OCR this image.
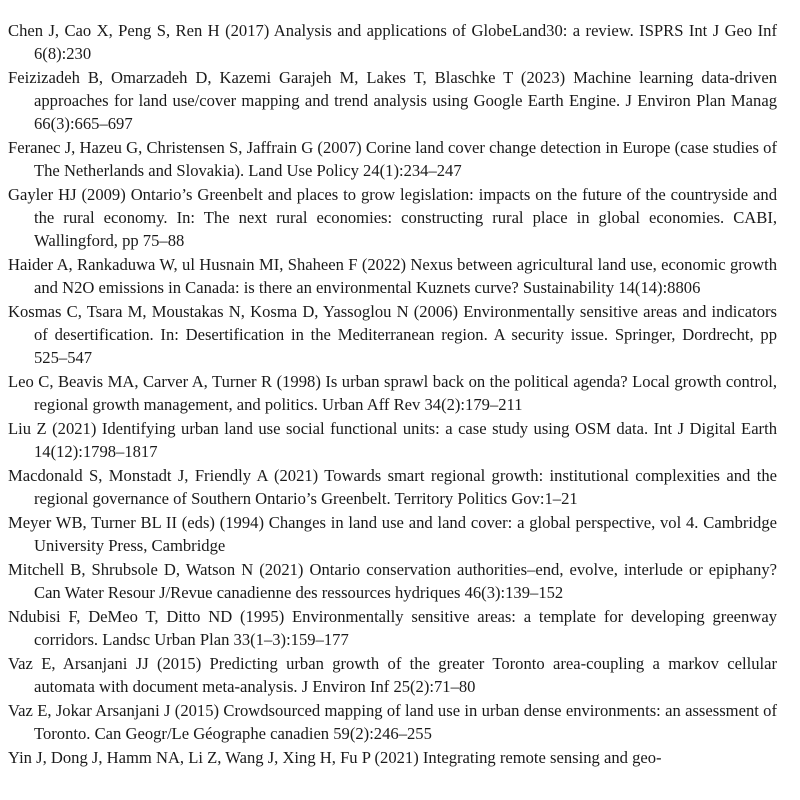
Chen J, Cao X, Peng S, Ren H (2017) Analysis and applications of GlobeLand30: a review. ISPRS Int J Geo Inf 6(8):230

Feizizadeh B, Omarzadeh D, Kazemi Garajeh M, Lakes T, Blaschke T (2023) Machine learning data-driven approaches for land use/cover mapping and trend analysis using Google Earth Engine. J Environ Plan Manag 66(3):665–697

Feranec J, Hazeu G, Christensen S, Jaffrain G (2007) Corine land cover change detection in Europe (case studies of The Netherlands and Slovakia). Land Use Policy 24(1):234–247

Gayler HJ (2009) Ontario’s Greenbelt and places to grow legislation: impacts on the future of the countryside and the rural economy. In: The next rural economies: constructing rural place in global economies. CABI, Wallingford, pp 75–88

Haider A, Rankaduwa W, ul Husnain MI, Shaheen F (2022) Nexus between agricultural land use, economic growth and N2O emissions in Canada: is there an environmental Kuznets curve? Sustainability 14(14):8806

Kosmas C, Tsara M, Moustakas N, Kosma D, Yassoglou N (2006) Environmentally sensitive areas and indicators of desertification. In: Desertification in the Mediterranean region. A security issue. Springer, Dordrecht, pp 525–547

Leo C, Beavis MA, Carver A, Turner R (1998) Is urban sprawl back on the political agenda? Local growth control, regional growth management, and politics. Urban Aff Rev 34(2):179–211

Liu Z (2021) Identifying urban land use social functional units: a case study using OSM data. Int J Digital Earth 14(12):1798–1817

Macdonald S, Monstadt J, Friendly A (2021) Towards smart regional growth: institutional complexities and the regional governance of Southern Ontario’s Greenbelt. Territory Politics Gov:1–21

Meyer WB, Turner BL II (eds) (1994) Changes in land use and land cover: a global perspective, vol 4. Cambridge University Press, Cambridge

Mitchell B, Shrubsole D, Watson N (2021) Ontario conservation authorities–end, evolve, interlude or epiphany? Can Water Resour J/Revue canadienne des ressources hydriques 46(3):139–152

Ndubisi F, DeMeo T, Ditto ND (1995) Environmentally sensitive areas: a template for developing greenway corridors. Landsc Urban Plan 33(1–3):159–177

Vaz E, Arsanjani JJ (2015) Predicting urban growth of the greater Toronto area-coupling a markov cellular automata with document meta-analysis. J Environ Inf 25(2):71–80

Vaz E, Jokar Arsanjani J (2015) Crowdsourced mapping of land use in urban dense environments: an assessment of Toronto. Can Geogr/Le Géographe canadien 59(2):246–255

Yin J, Dong J, Hamm NA, Li Z, Wang J, Xing H, Fu P (2021) Integrating remote sensing and geo-
